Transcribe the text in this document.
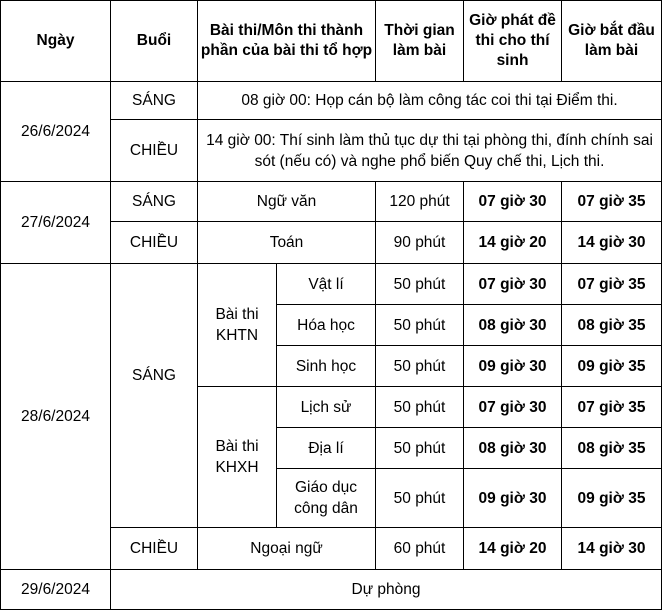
Ngày	Buổi	Bài thi/Môn thi thành phần của bài thi tổ hợp		Thời gian làm bài	Giờ phát đề thi cho thí sinh	Giờ bắt đầu làm bài
26/6/2024	SÁNG	08 giờ 00: Họp cán bộ làm công tác coi thi tại Điểm thi.				
	CHIỀU	14 giờ 00: Thí sinh làm thủ tục dự thi tại phòng thi, đính chính sai sót (nếu có) và nghe phổ biến Quy chế thi, Lịch thi.				
27/6/2024	SÁNG	Ngữ văn		120 phút	07 giờ 30	07 giờ 35
	CHIỀU	Toán		90 phút	14 giờ 20	14 giờ 30
28/6/2024	SÁNG	Bài thi KHTN	Vật lí	50 phút	07 giờ 30	07 giờ 35
			Hóa học	50 phút	08 giờ 30	08 giờ 35
			Sinh học	50 phút	09 giờ 30	09 giờ 35
		Bài thi KHXH	Lịch sử	50 phút	07 giờ 30	07 giờ 35
			Địa lí	50 phút	08 giờ 30	08 giờ 35
			Giáo dục công dân	50 phút	09 giờ 30	09 giờ 35
	CHIỀU	Ngoại ngữ		60 phút	14 giờ 20	14 giờ 30
29/6/2024	Dự phòng					
